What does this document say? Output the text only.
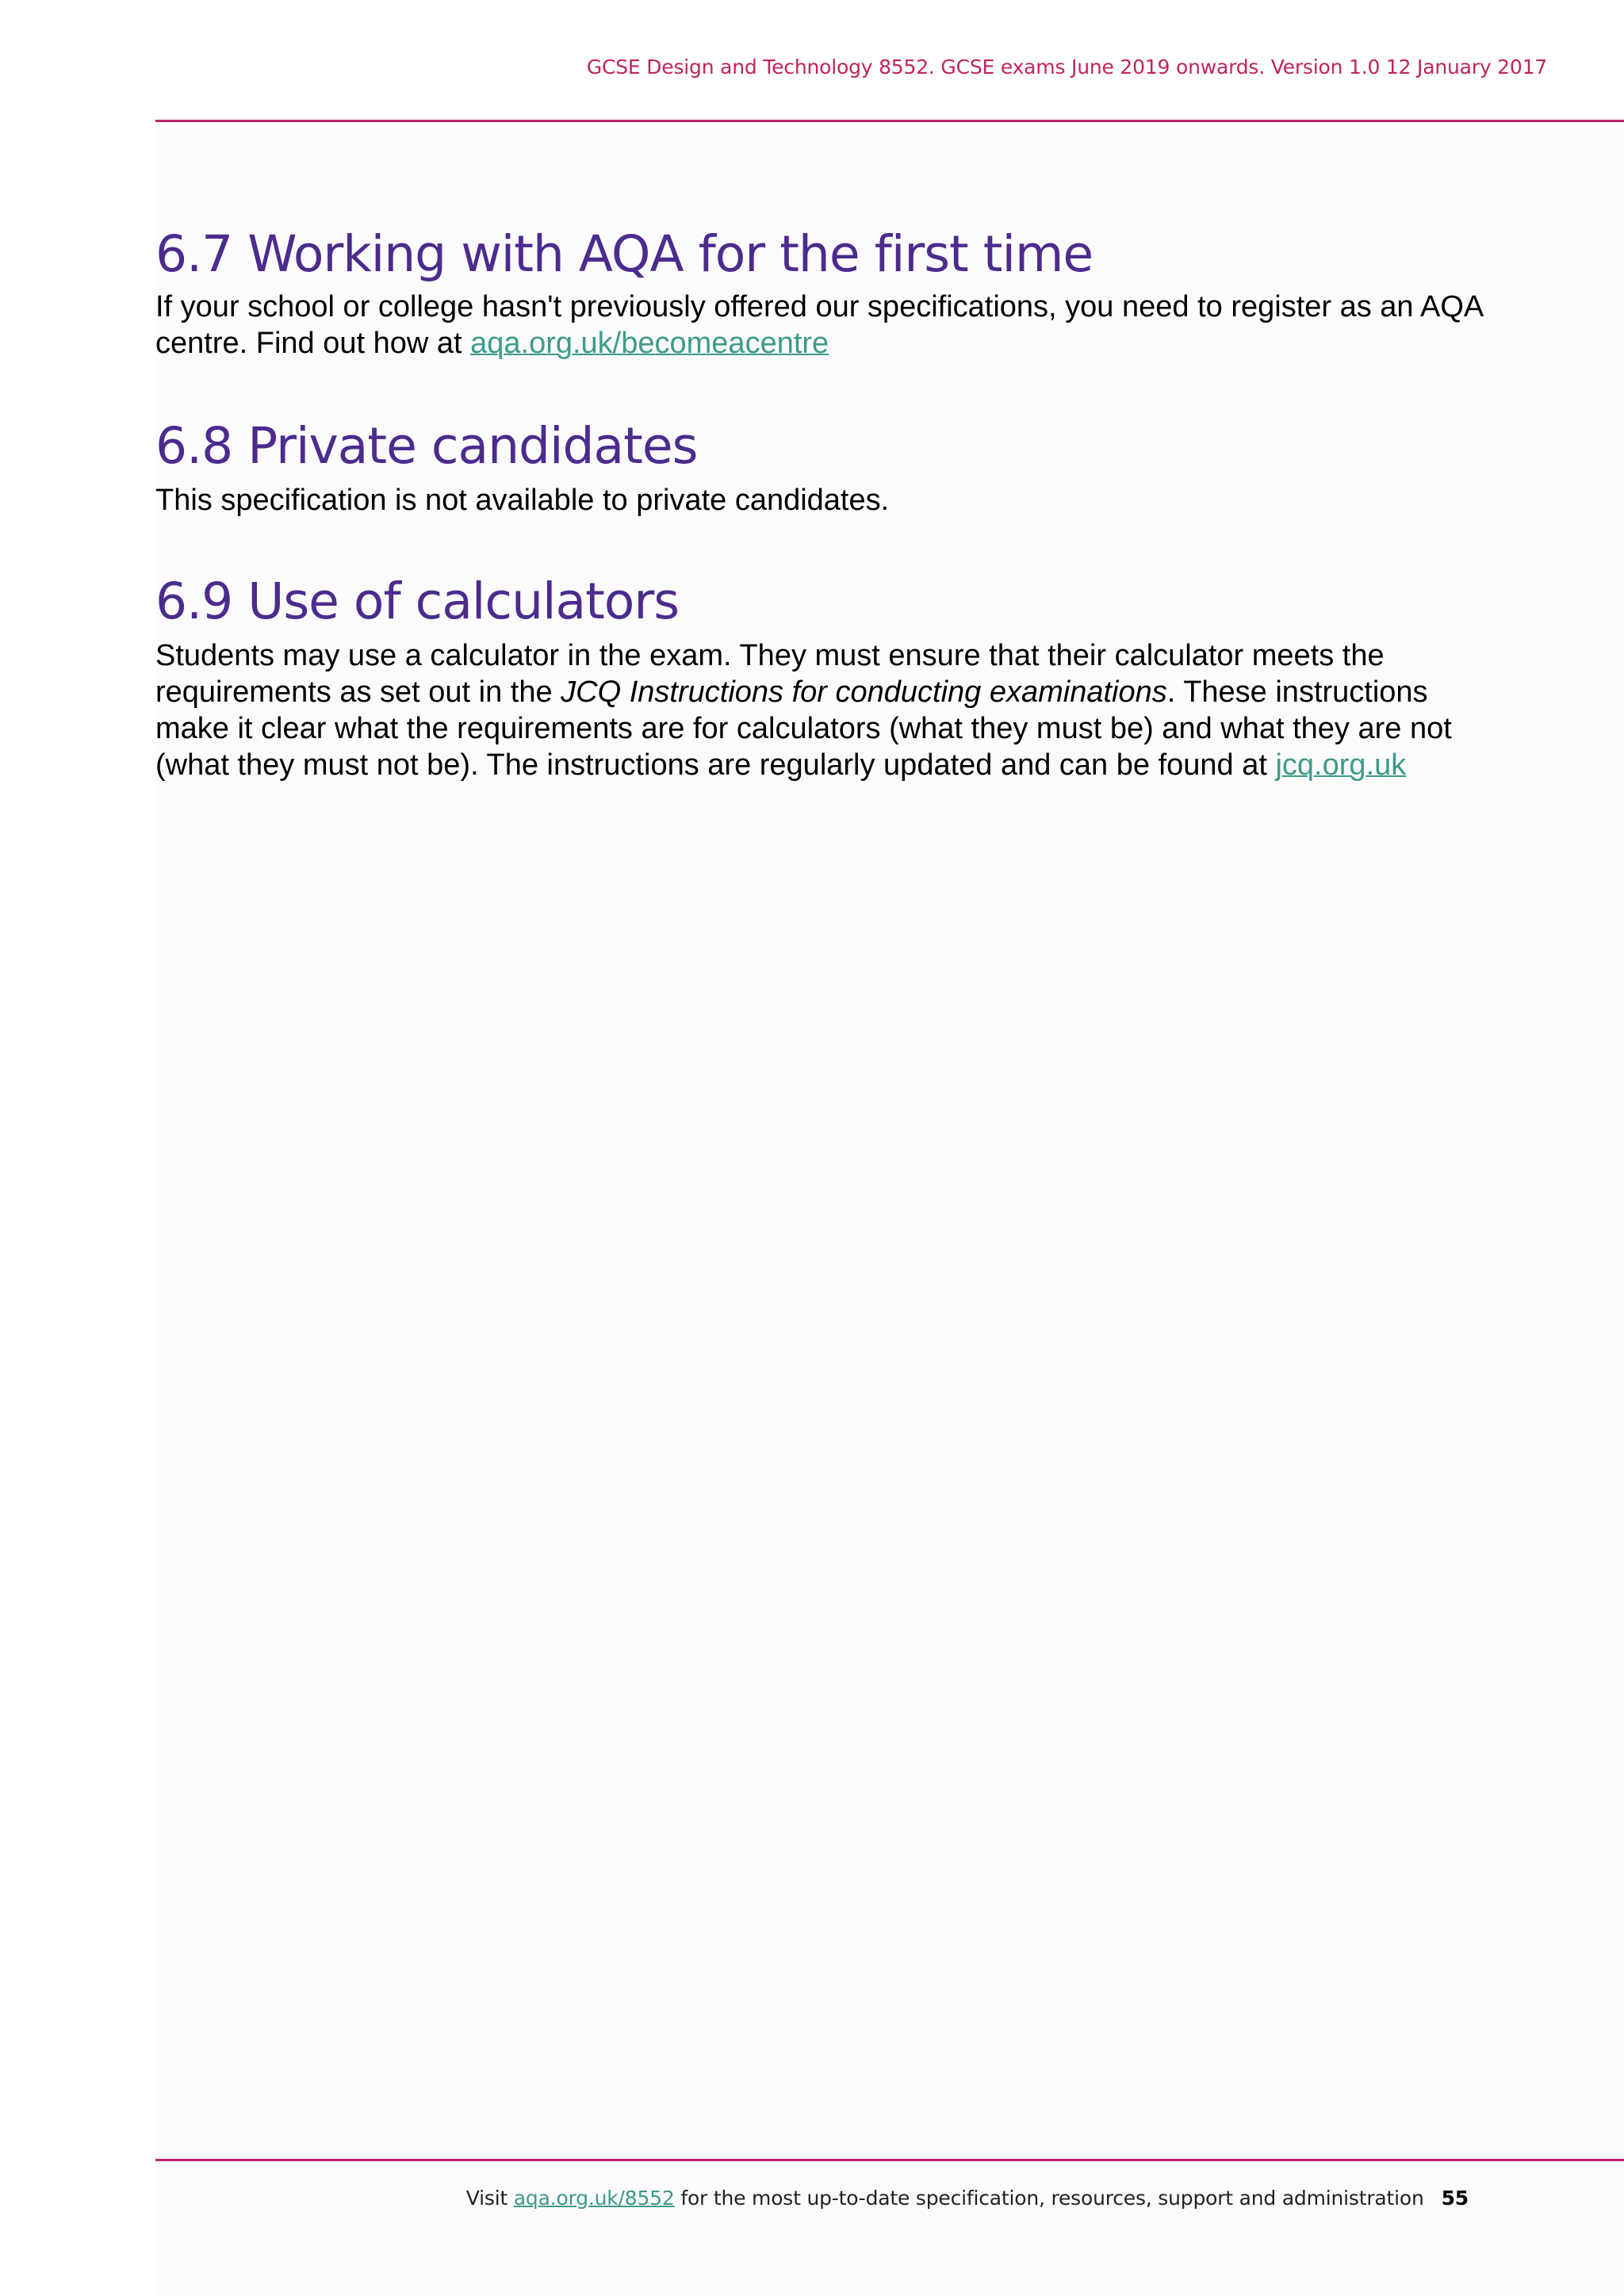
GCSE Design and Technology 8552. GCSE exams June 2019 onwards. Version 1.0 12 January 2017
6.7 Working with AQA for the first time

If your school or college hasn't previously offered our specifications, you need to register as an AQA centre. Find out how at aqa.org.uk/becomeacentre

6.8 Private candidates

This specification is not available to private candidates.

6.9 Use of calculators

Students may use a calculator in the exam. They must ensure that their calculator meets the requirements as set out in the JCQ Instructions for conducting examinations. These instructions make it clear what the requirements are for calculators (what they must be) and what they are not (what they must not be). The instructions are regularly updated and can be found at jcq.org.uk

Visit aqa.org.uk/8552 for the most up-to-date specification, resources, support and administration 55
